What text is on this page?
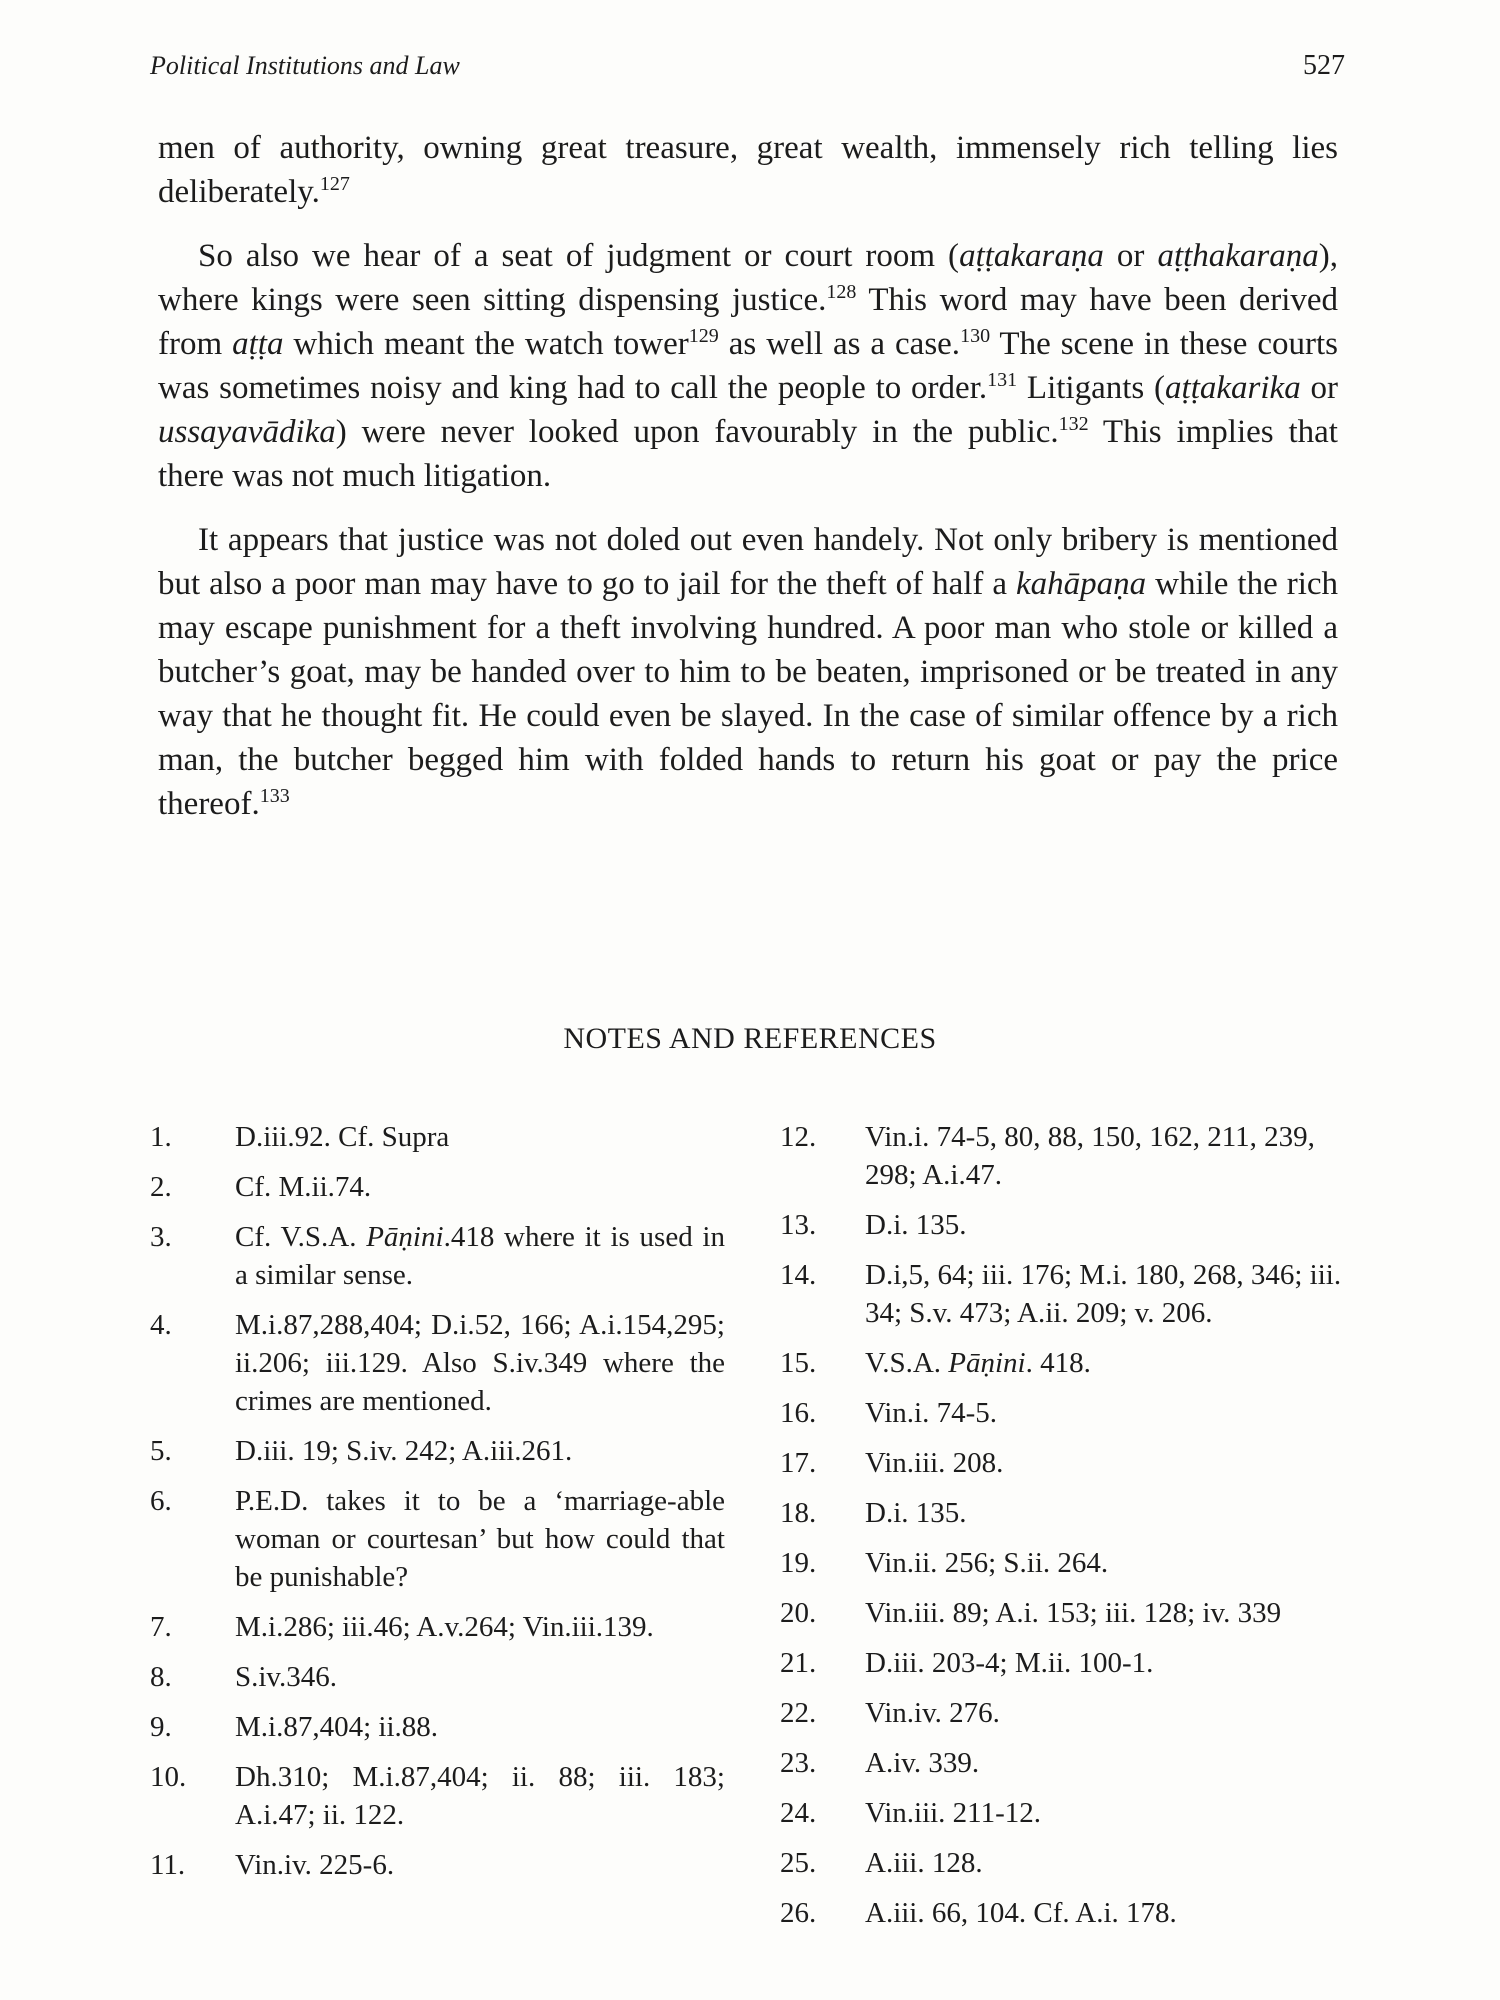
Political Institutions and Law	527

men of authority, owning great treasure, great wealth, immensely rich telling lies deliberately.$^{127}$

So also we hear of a seat of judgment or court room (aṭṭakaraṇa or aṭṭhakaraṇa), where kings were seen sitting dispensing justice.$^{128}$ This word may have been derived from aṭṭa which meant the watch tower$^{129}$ as well as a case.$^{130}$ The scene in these courts was sometimes noisy and king had to call the people to order.$^{131}$ Litigants (aṭṭakarika or ussayavādika) were never looked upon favourably in the public.$^{132}$ This implies that there was not much litigation.

It appears that justice was not doled out even handely. Not only bribery is mentioned but also a poor man may have to go to jail for the theft of half a kahāpaṇa while the rich may escape punishment for a theft involving hundred. A poor man who stole or killed a butcher’s goat, may be handed over to him to be beaten, imprisoned or be treated in any way that he thought fit. He could even be slayed. In the case of similar offence by a rich man, the butcher begged him with folded hands to return his goat or pay the price thereof.$^{133}$

NOTES AND REFERENCES
1.	D.iii.92. Cf. Supra
2.	Cf. M.ii.74.
3.	Cf. V.S.A. Pāṇini.418 where it is used in a similar sense.
4.	M.i.87,288,404; D.i.52, 166; A.i.154,295; ii.206; iii.129. Also S.iv.349 where the crimes are mentioned.
5.	D.iii. 19; S.iv. 242; A.iii.261.
6.	P.E.D. takes it to be a ‘marriage-able woman or courtesan’ but how could that be punishable?
7.	M.i.286; iii.46; A.v.264; Vin.iii.139.
8.	S.iv.346.
9.	M.i.87,404; ii.88.
10.	Dh.310; M.i.87,404; ii. 88; iii. 183; A.i.47; ii. 122.
11.	Vin.iv. 225-6.
12.	Vin.i. 74-5, 80, 88, 150, 162, 211, 239, 298; A.i.47.
13.	D.i. 135.
14.	D.i,5, 64; iii. 176; M.i. 180, 268, 346; iii. 34; S.v. 473; A.ii. 209; v. 206.
15.	V.S.A. Pāṇini. 418.
16.	Vin.i. 74-5.
17.	Vin.iii. 208.
18.	D.i. 135.
19.	Vin.ii. 256; S.ii. 264.
20.	Vin.iii. 89; A.i. 153; iii. 128; iv. 339
21.	D.iii. 203-4; M.ii. 100-1.
22.	Vin.iv. 276.
23.	A.iv. 339.
24.	Vin.iii. 211-12.
25.	A.iii. 128.
26.	A.iii. 66, 104. Cf. A.i. 178.
